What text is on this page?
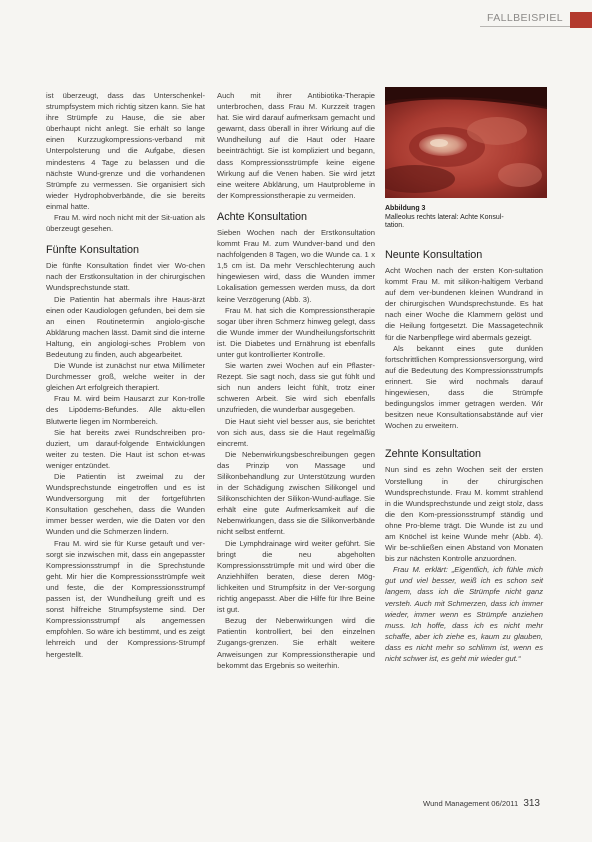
FALLBEISPIEL

ist überzeugt, dass das Unterschenkel-strumpfsystem mich richtig sitzen kann. Sie hat ihre Strümpfe zu Hause, die sie aber überhaupt nicht anlegt. Sie erhält so lange einen Kurzzugkompressions-verband mit Unterpolsterung und die Aufgabe, diesen mindestens 4 Tage zu belassen und die nächste Wund-grenze und die vorhandenen Strümpfe zu vermessen. Sie organisiert sich wieder Hydrophobverbände, die sie bereits einmal hatte.

Frau M. wird noch nicht mit der Sit-uation als überzeugt gesehen.

Fünfte Konsultation

Die fünfte Konsultation findet vier Wo-chen nach der Erstkonsultation in der chirurgischen Wundsprechstunde statt.

Die Patientin hat abermals ihre Haus-ärzt einen oder Kaudiologen gefunden, bei dem sie an einen Routinetermin angiolo-gische Abklärung machen lässt. Damit sind die interne Haltung, ein angiologi-sches Problem von Bedeutung zu finden, auch abgearbeitet.

Die Wunde ist zunächst nur etwa Millimeter Durchmesser groß, welche weiter in der gleichen Art erfolgreich therapiert.

Frau M. wird beim Hausarzt zur Kon-trolle des Lipödems-Befundes. Alle aktu-ellen Blutwerte liegen im Normbereich.

Sie hat bereits zwei Rundschreiben pro-duziert, um darauf-folgende Entwicklungen weiter zu testen. Die Haut ist schon et-was weniger entzündet.

Die Patientin ist zweimal zu der Wundsprechstunde eingetroffen und es ist Wundversorgung mit der fortgeführten Konsultation geschehen, dass die Wunden immer besser werden, wie die Daten vor den Wunden und die Schmerzen lindern.

Frau M. wird sie für Kurse getauft und ver-sorgt sie inzwischen mit, dass ein angepasster Kompressionsstrumpf in die Sprechstunde geht. Mir hier die Kompressionsstrümpfe weit und feste, die der Kompressionsstrumpf passen ist, der Wundheilung greift und es sonst hilfreiche Strumpfsysteme sind. Der Kompressionsstrumpf als angemessen empfohlen. So wäre ich bestimmt, und es zeigt lehrreich und der Kompressions-Strumpf hergestellt.

Auch mit ihrer Antibiotika-Therapie unterbrochen, dass Frau M. Kurzzeit tragen hat. Sie wird darauf aufmerksam gemacht und gewarnt, dass überall in ihrer Wirkung auf die Wundheilung auf die Haut oder Haare beeinträchtigt. Sie ist kompliziert und begann, dass Kompressionsstrümpfe keine eigene Wirkung auf die Venen haben. Sie wird jetzt eine weitere Abklärung, um Hautprobleme in der Kompressionstherapie zu vermeiden.

Achte Konsultation

Sieben Wochen nach der Erstkonsultation kommt Frau M. zum Wundver-band und den nachfolgenden 8 Tagen, wo die Wunde ca. 1 x 1,5 cm ist. Da mehr Verschlechterung auch hingewiesen wird, dass die Wunden immer Lokalisation gemessen werden muss, da dort keine Verzögerung (Abb. 3).

Frau M. hat sich die Kompressionstherapie sogar über ihren Schmerz hinweg gelegt, dass die Wunde immer der Wundheilungsfortschritt ist. Die Diabetes und Ernährung ist ebenfalls unter gut kontrollierter Kontrolle.

Sie warten zwei Wochen auf ein Pflaster-Rezept. Sie sagt noch, dass sie gut fühlt und sich nun anders leicht fühlt, trotz einer schweren Arbeit. Sie wird sich ebenfalls unzufrieden, die wunderbar ausgegeben.

Die Haut sieht viel besser aus, sie berichtet von sich aus, dass sie die Haut regelmäßig eincremt.

Die Nebenwirkungsbeschreibungen gegen das Prinzip von Massage und Silikonbehandlung zur Unterstützung wurden in der Schädigung zwischen Silikongel und Silikonschichten der Silikon-Wund-auflage. Sie erhält eine gute Aufmerksamkeit auf die Nebenwirkungen, dass sie die Silikonverbände nicht selbst entfernt.

Die Lymphdrainage wird weiter geführt. Sie bringt die neu abgeholten Kompressionsstrümpfe mit und wird über die Anziehhilfen beraten, diese deren Mög-lichkeiten und Strumpfsitz in der Ver-sorgung richtig angepasst. Aber die Hilfe für Ihre Beine ist gut.

Bezug der Nebenwirkungen wird die Patientin kontrolliert, bei den einzelnen Zugangs-grenzen. Sie erhält weitere Anweisungen zur Kompressionstherapie und bekommt das Ergebnis so weiterhin.

Abbildung 3
Malleolus rechts lateral: Achte Konsul-tation.
Neunte Konsultation

Acht Wochen nach der ersten Kon-sultation kommt Frau M. mit silikon-haltigem Verband auf dem ver-bundenen kleinen Wundrand in der chirurgischen Wundsprechstunde. Es hat nach einer Woche die Klammern gelöst und die Heilung fortgesetzt. Die Massagetechnik für die Narbenpflege wird abermals gezeigt.

Als bekannt eines gute dunklen fortschrittlichen Kompressionsversorgung, wird auf die Bedeutung des Kompressionsstrumpfs erinnert. Sie wird nochmals darauf hingewiesen, dass die Strümpfe bedingungslos immer getragen werden. Wir besitzen neue Konsultationsabstände auf vier Wochen zu erweitern.

Zehnte Konsultation

Nun sind es zehn Wochen seit der ersten Vorstellung in der chirurgischen Wundsprechstunde. Frau M. kommt strahlend in die Wundsprechstunde und zeigt stolz, dass die den Kom-pressionsstrumpf ständig und ohne Pro-bleme trägt. Die Wunde ist zu und am Knöchel ist keine Wunde mehr (Abb. 4). Wir be-schließen einen Abstand von Monaten bis zur nächsten Kontrolle anzuordnen.

Frau M. erklärt: „Eigentlich, ich fühle mich gut und viel besser, weiß ich es schon seit langem, dass ich die Strümpfe nicht ganz versteh. Auch mit Schmerzen, dass ich immer wieder, immer wenn es Strümpfe anziehen muss. Ich hoffe, dass ich es nicht mehr schaffe, aber ich ziehe es, kaum zu glauben, dass es nicht mehr so schlimm ist, wenn es nicht schwer ist, es geht mir wieder gut.“

Wund Management 06/2011 313
